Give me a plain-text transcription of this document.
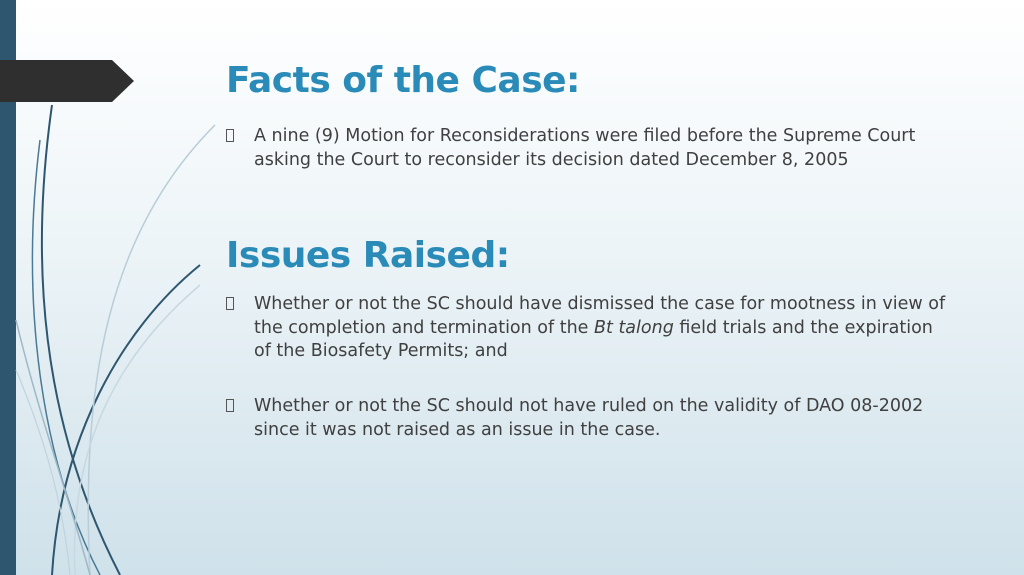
Facts of the Case:
A nine (9) Motion for Reconsiderations were filed before the Supreme Court asking the Court to reconsider its decision dated December 8, 2005
Issues Raised:
Whether or not the SC should have dismissed the case for mootness in view of the completion and termination of the Bt talong field trials and the expiration of the Biosafety Permits; and
Whether or not the SC should not have ruled on the validity of DAO 08-2002 since it was not raised as an issue in the case.
